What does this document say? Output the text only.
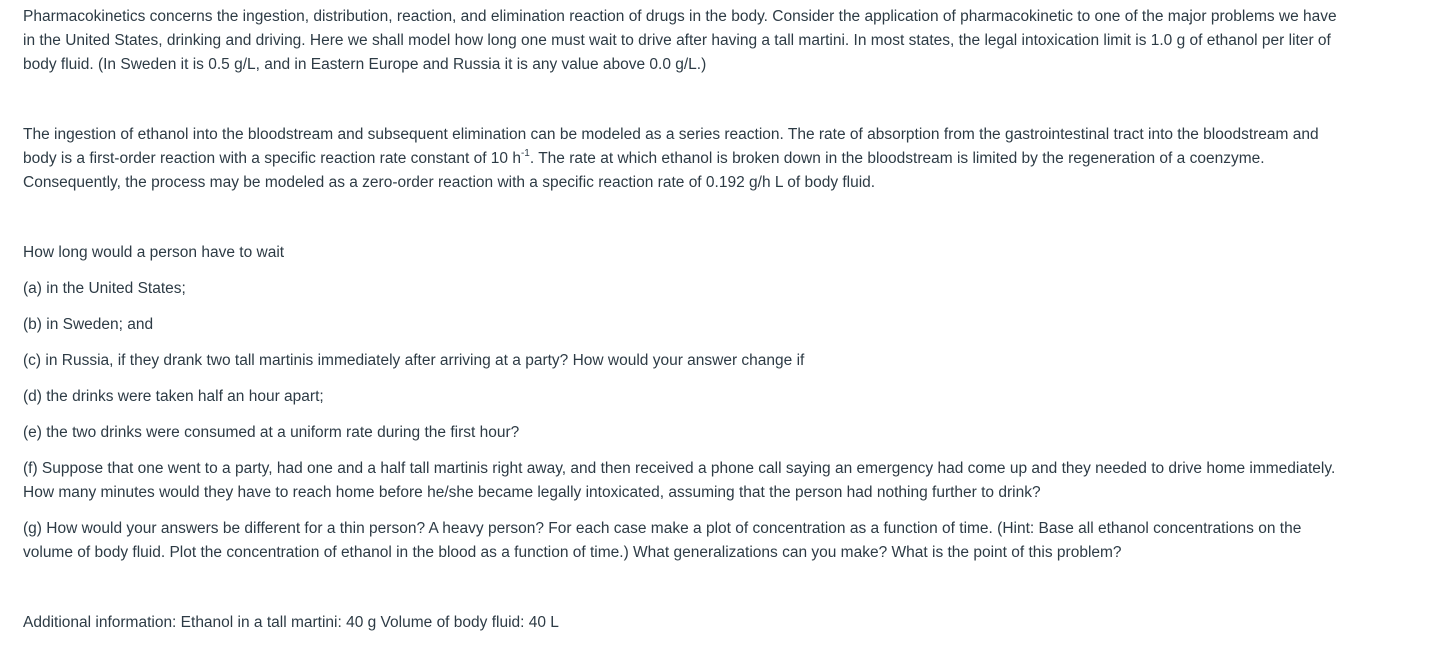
Pharmacokinetics concerns the ingestion, distribution, reaction, and elimination reaction of drugs in the body. Consider the application of pharmacokinetic to one of the major problems we have in the United States, drinking and driving. Here we shall model how long one must wait to drive after having a tall martini. In most states, the legal intoxication limit is 1.0 g of ethanol per liter of body fluid. (In Sweden it is 0.5 g/L, and in Eastern Europe and Russia it is any value above 0.0 g/L.)

The ingestion of ethanol into the bloodstream and subsequent elimination can be modeled as a series reaction. The rate of absorption from the gastrointestinal tract into the bloodstream and body is a first-order reaction with a specific reaction rate constant of 10 $h^{-1}$. The rate at which ethanol is broken down in the bloodstream is limited by the regeneration of a coenzyme. Consequently, the process may be modeled as a zero-order reaction with a specific reaction rate of 0.192 g/h L of body fluid.

How long would a person have to wait

(a) in the United States;

(b) in Sweden; and

(c) in Russia, if they drank two tall martinis immediately after arriving at a party? How would your answer change if

(d) the drinks were taken half an hour apart;

(e) the two drinks were consumed at a uniform rate during the first hour?

(f) Suppose that one went to a party, had one and a half tall martinis right away, and then received a phone call saying an emergency had come up and they needed to drive home immediately. How many minutes would they have to reach home before he/she became legally intoxicated, assuming that the person had nothing further to drink?

(g) How would your answers be different for a thin person? A heavy person? For each case make a plot of concentration as a function of time. (Hint: Base all ethanol concentrations on the volume of body fluid. Plot the concentration of ethanol in the blood as a function of time.) What generalizations can you make? What is the point of this problem?

Additional information: Ethanol in a tall martini: 40 g Volume of body fluid: 40 L
